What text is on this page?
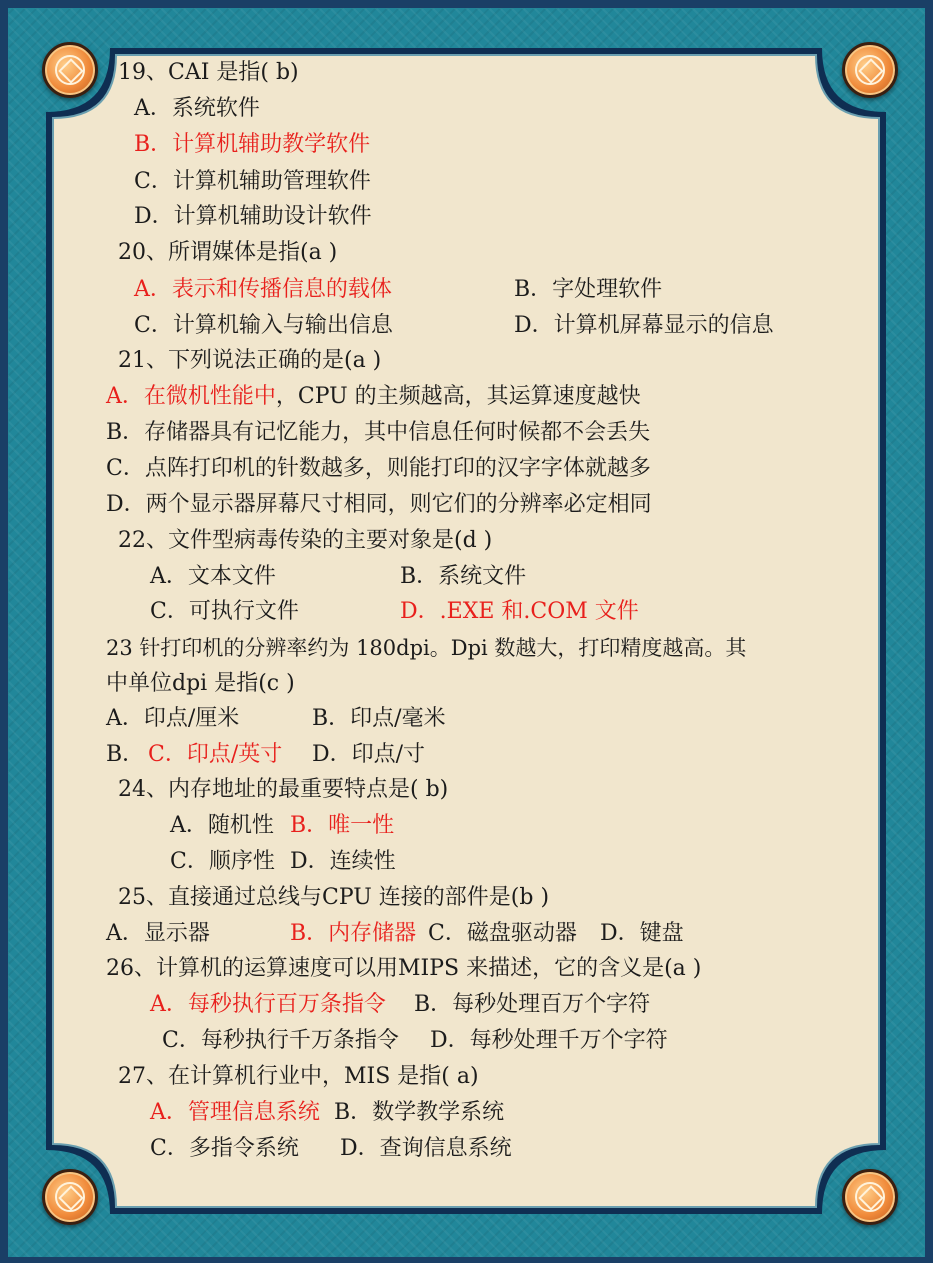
19、CAI 是指( b)
A．系统软件
B．计算机辅助教学软件
C．计算机辅助管理软件
D．计算机辅助设计软件
20、所谓媒体是指(a )
A．表示和传播信息的载体	B．字处理软件
C．计算机输入与输出信息	D．计算机屏幕显示的信息
21、下列说法正确的是(a )
A．在微机性能中，CPU 的主频越高，其运算速度越快
B．存储器具有记忆能力，其中信息任何时候都不会丢失
C．点阵打印机的针数越多，则能打印的汉字字体就越多
D．两个显示器屏幕尺寸相同，则它们的分辨率必定相同
22、文件型病毒传染的主要对象是(d )
A．文本文件	B．系统文件
C．可执行文件	D．.EXE 和.COM 文件
23 针打印机的分辨率约为 180dpi。Dpi 数越大，打印精度越高。其
中单位dpi 是指(c )
A．印点/厘米	B．印点/毫米
B． C．印点/英寸 D．印点/寸
24、内存地址的最重要特点是( b)
A．随机性 B．唯一性
C．顺序性 D．连续性
25、直接通过总线与CPU 连接的部件是(b )
A．显示器	B．内存储器 C．磁盘驱动器 D．键盘
26、计算机的运算速度可以用MIPS 来描述，它的含义是(a )
A．每秒执行百万条指令 B．每秒处理百万个字符
C．每秒执行千万条指令 D．每秒处理千万个字符
27、在计算机行业中，MIS 是指( a)
A．管理信息系统 B．数学教学系统
C．多指令系统 D．查询信息系统
